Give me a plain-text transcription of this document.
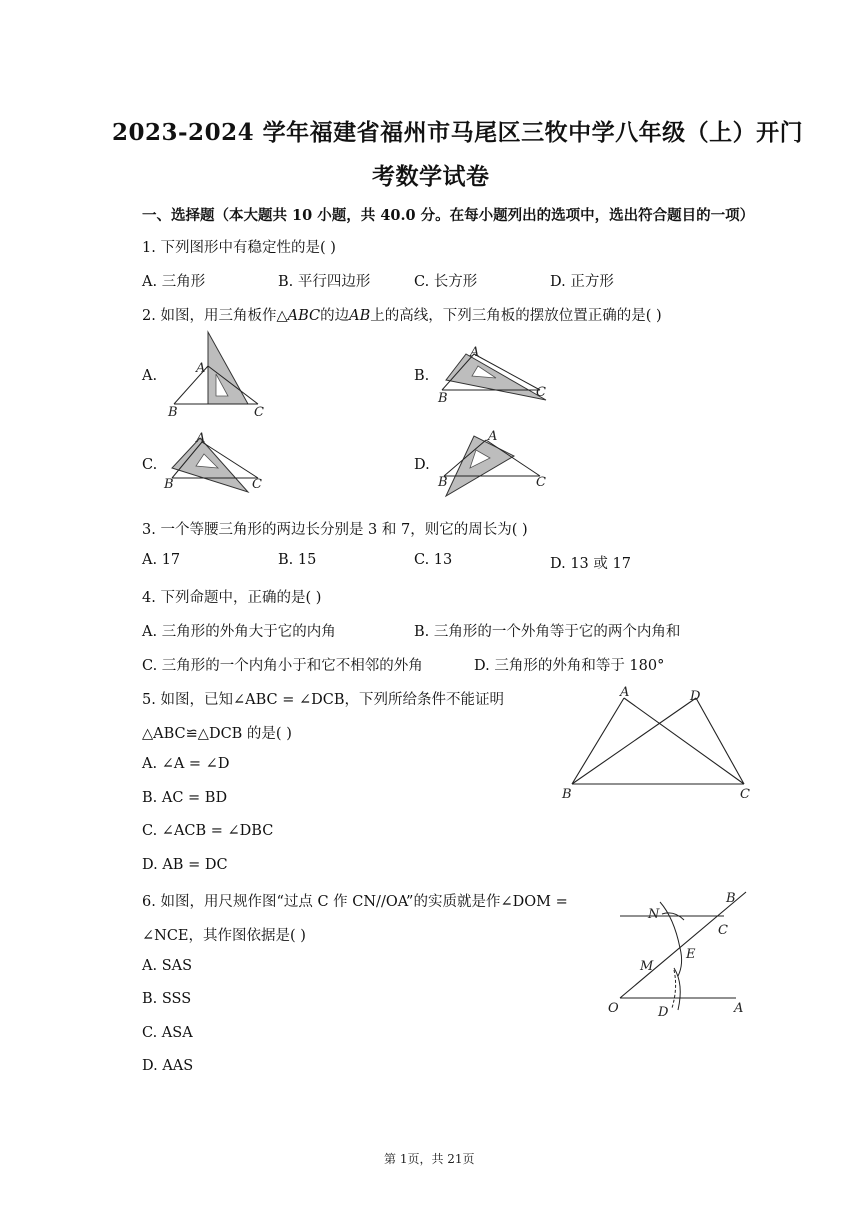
2023-2024 学年福建省福州市马尾区三牧中学八年级（上）开门
考数学试卷
一、选择题（本大题共 10 小题，共 40.0 分。在每小题列出的选项中，选出符合题目的一项）
1. 下列图形中有稳定性的是( )
A. 三角形	B. 平行四边形	C. 长方形	D. 正方形
2. 如图，用三角板作△ABC的边AB上的高线，下列三角板的摆放位置正确的是( )
A.	B.
C.	D.
A
B	C
A
B	C
A
B	C
A
B	C
3. 一个等腰三角形的两边长分别是 3 和 7，则它的周长为( )
A. 17	B. 15	C. 13	D. 13 或 17
4. 下列命题中，正确的是( )
A. 三角形的外角大于它的内角	B. 三角形的一个外角等于它的两个内角和
C. 三角形的一个内角小于和它不相邻的外角	D. 三角形的外角和等于 180°
5. 如图，已知∠ABC = ∠DCB，下列所给条件不能证明
△ABC≌△DCB 的是( )
A. ∠A = ∠D
B. AC = BD
C. ∠ACB = ∠DBC
D. AB = DC
A	D
B	C
6. 如图，用尺规作图“过点 C 作 CN//OA”的实质就是作∠DOM =
∠NCE，其作图依据是( )
A. SAS
B. SSS
C. ASA
D. AAS
O	A
D
M
N
E
C
B
第 1页，共 21页
